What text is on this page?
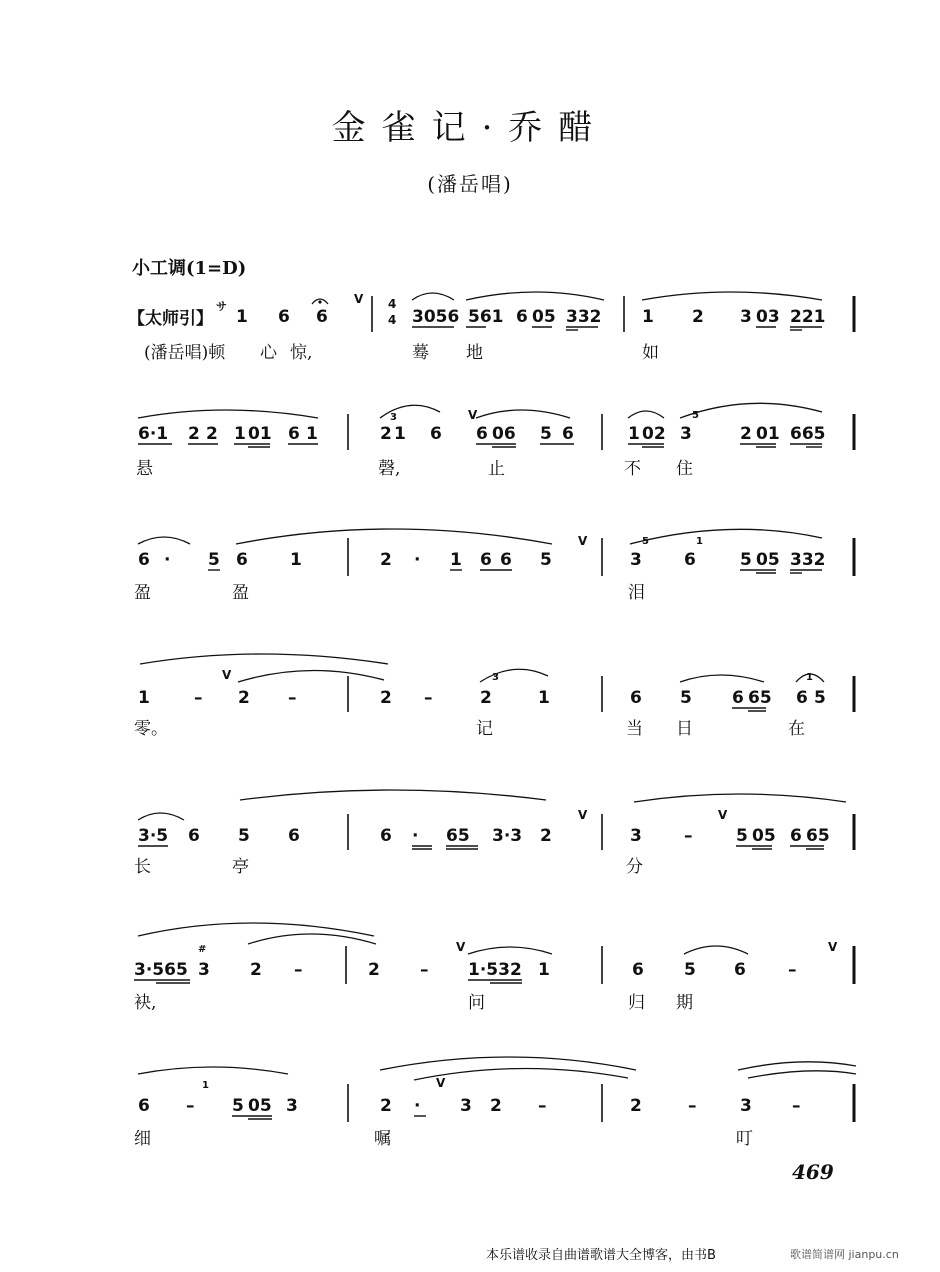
金雀记·乔醋
(潘岳唱)
小工调(1=D)
【太师引】
サ	4
4
1 6 6
V
3056 561 6 05 332 1 2 3 03 221
(潘岳唱)顿 心 惊,	蓦 地	如
6·1 2 2 1 01 6 1	2
3
1 6
V
6 06 5 6	1 02 3
5
2 01 665
悬	磬,	止	不 住
6 · 5 6 1	2 · 1 6 6 5
V
3
5
6
1
5 05 332
盈	盈	泪
1	–
V
2 –	2 –	2
3
1	6 5 6 65 6
1
5
零。	记	当 日	在
3·5 6 5 6	6 · 65 3·3 2
V
3 –
V
5 05 6 65
长	亭	分
3·565
#
3 2 –	2 –
V
1·532 1	6 5 6 –
V
袂,	问	归 期
6 –
1
5 05 3
V
2 · 3 2 –	2	–	3 –
细	嘱	叮
469
本乐谱收录自曲谱歌谱大全博客，由书B	歌谱简谱网 jianpu.cn
